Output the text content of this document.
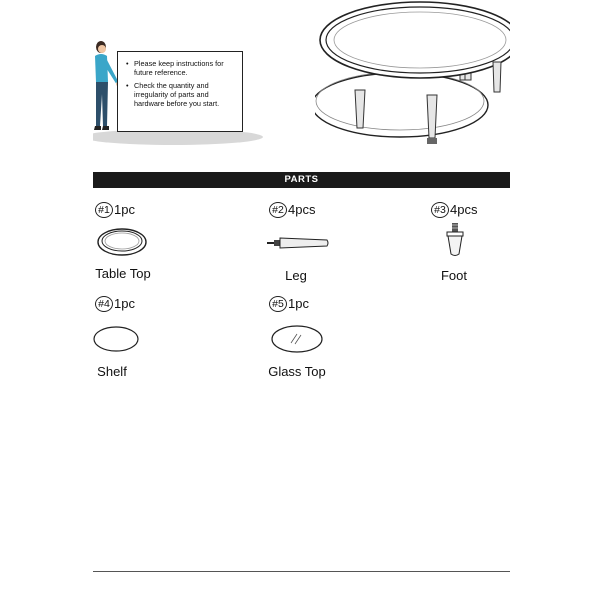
• Please keep instructions for future reference.
• Check the quantity and irregularity of parts and hardware before you start.
PARTS
#1 1pc
Table Top
#2 4pcs
Leg
#3 4pcs
Foot
#4 1pc
Shelf
#5 1pc
Glass Top
